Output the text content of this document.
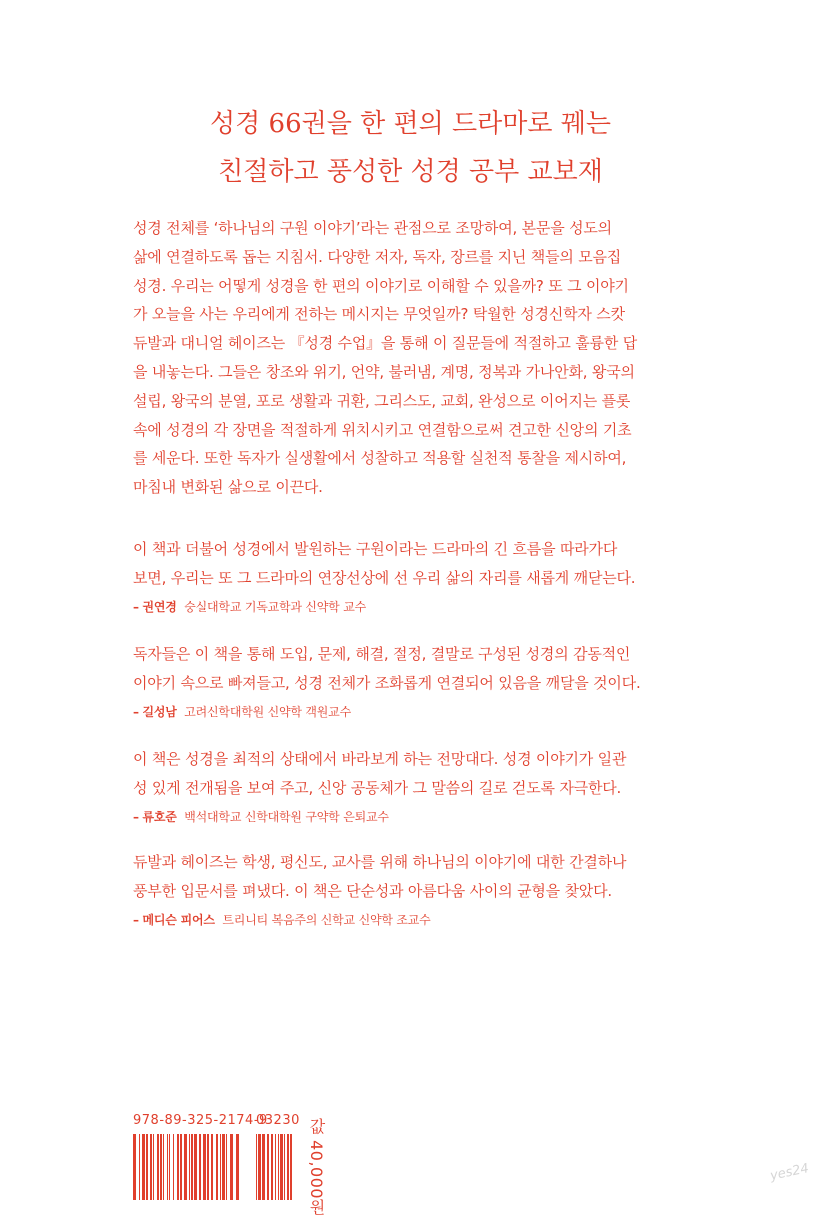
성경 66권을 한 편의 드라마로 꿰는
친절하고 풍성한 성경 공부 교보재
성경 전체를 ‘하나님의 구원 이야기’라는 관점으로 조망하여, 본문을 성도의
삶에 연결하도록 돕는 지침서. 다양한 저자, 독자, 장르를 지닌 책들의 모음집
성경. 우리는 어떻게 성경을 한 편의 이야기로 이해할 수 있을까? 또 그 이야기
가 오늘을 사는 우리에게 전하는 메시지는 무엇일까? 탁월한 성경신학자 스캇
듀발과 대니얼 헤이즈는 『성경 수업』을 통해 이 질문들에 적절하고 훌륭한 답
을 내놓는다. 그들은 창조와 위기, 언약, 불러냄, 계명, 정복과 가나안화, 왕국의
설립, 왕국의 분열, 포로 생활과 귀환, 그리스도, 교회, 완성으로 이어지는 플롯
속에 성경의 각 장면을 적절하게 위치시키고 연결함으로써 견고한 신앙의 기초
를 세운다. 또한 독자가 실생활에서 성찰하고 적용할 실천적 통찰을 제시하여,
마침내 변화된 삶으로 이끈다.
이 책과 더불어 성경에서 발원하는 구원이라는 드라마의 긴 흐름을 따라가다
보면, 우리는 또 그 드라마의 연장선상에 선 우리 삶의 자리를 새롭게 깨닫는다.
– 권연경 숭실대학교 기독교학과 신약학 교수
독자들은 이 책을 통해 도입, 문제, 해결, 절정, 결말로 구성된 성경의 감동적인
이야기 속으로 빠져들고, 성경 전체가 조화롭게 연결되어 있음을 깨달을 것이다.
– 길성남 고려신학대학원 신약학 객원교수
이 책은 성경을 최적의 상태에서 바라보게 하는 전망대다. 성경 이야기가 일관
성 있게 전개됨을 보여 주고, 신앙 공동체가 그 말씀의 길로 걷도록 자극한다.
– 류호준 백석대학교 신학대학원 구약학 은퇴교수
듀발과 헤이즈는 학생, 평신도, 교사를 위해 하나님의 이야기에 대한 간결하나
풍부한 입문서를 펴냈다. 이 책은 단순성과 아름다움 사이의 균형을 찾았다.
– 메디슨 피어스 트리니티 복음주의 신학교 신약학 조교수
978-89-325-2174-9
03230 값 40,000원	yes24
